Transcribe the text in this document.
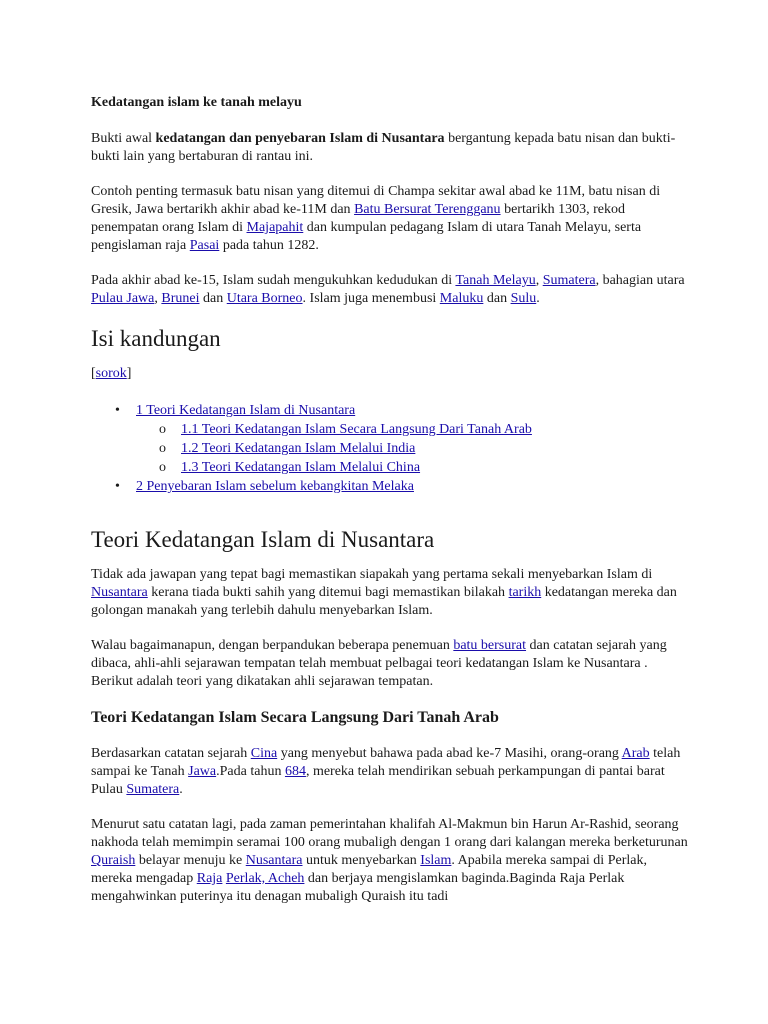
Kedatangan islam ke tanah melayu

Bukti awal kedatangan dan penyebaran Islam di Nusantara bergantung kepada batu nisan dan bukti-bukti lain yang bertaburan di rantau ini.

Contoh penting termasuk batu nisan yang ditemui di Champa sekitar awal abad ke 11M, batu nisan di Gresik, Jawa bertarikh akhir abad ke-11M dan Batu Bersurat Terengganu bertarikh 1303, rekod penempatan orang Islam di Majapahit dan kumpulan pedagang Islam di utara Tanah Melayu, serta pengislaman raja Pasai pada tahun 1282.

Pada akhir abad ke-15, Islam sudah mengukuhkan kedudukan di Tanah Melayu, Sumatera, bahagian utara Pulau Jawa, Brunei dan Utara Borneo. Islam juga menembusi Maluku dan Sulu.

Isi kandungan

[sorok]

• 1 Teori Kedatangan Islam di Nusantara
o 1.1 Teori Kedatangan Islam Secara Langsung Dari Tanah Arab
o 1.2 Teori Kedatangan Islam Melalui India
o 1.3 Teori Kedatangan Islam Melalui China
• 2 Penyebaran Islam sebelum kebangkitan Melaka
Teori Kedatangan Islam di Nusantara

Tidak ada jawapan yang tepat bagi memastikan siapakah yang pertama sekali menyebarkan Islam di Nusantara kerana tiada bukti sahih yang ditemui bagi memastikan bilakah tarikh kedatangan mereka dan golongan manakah yang terlebih dahulu menyebarkan Islam.

Walau bagaimanapun, dengan berpandukan beberapa penemuan batu bersurat dan catatan sejarah yang dibaca, ahli-ahli sejarawan tempatan telah membuat pelbagai teori kedatangan Islam ke Nusantara . Berikut adalah teori yang dikatakan ahli sejarawan tempatan.

Teori Kedatangan Islam Secara Langsung Dari Tanah Arab

Berdasarkan catatan sejarah Cina yang menyebut bahawa pada abad ke-7 Masihi, orang-orang Arab telah sampai ke Tanah Jawa.Pada tahun 684, mereka telah mendirikan sebuah perkampungan di pantai barat Pulau Sumatera.

Menurut satu catatan lagi, pada zaman pemerintahan khalifah Al-Makmun bin Harun Ar-Rashid, seorang nakhoda telah memimpin seramai 100 orang mubaligh dengan 1 orang dari kalangan mereka berketurunan Quraish belayar menuju ke Nusantara untuk menyebarkan Islam. Apabila mereka sampai di Perlak, mereka mengadap Raja Perlak, Acheh dan berjaya mengislamkan baginda.Baginda Raja Perlak mengahwinkan puterinya itu denagan mubaligh Quraish itu tadi
